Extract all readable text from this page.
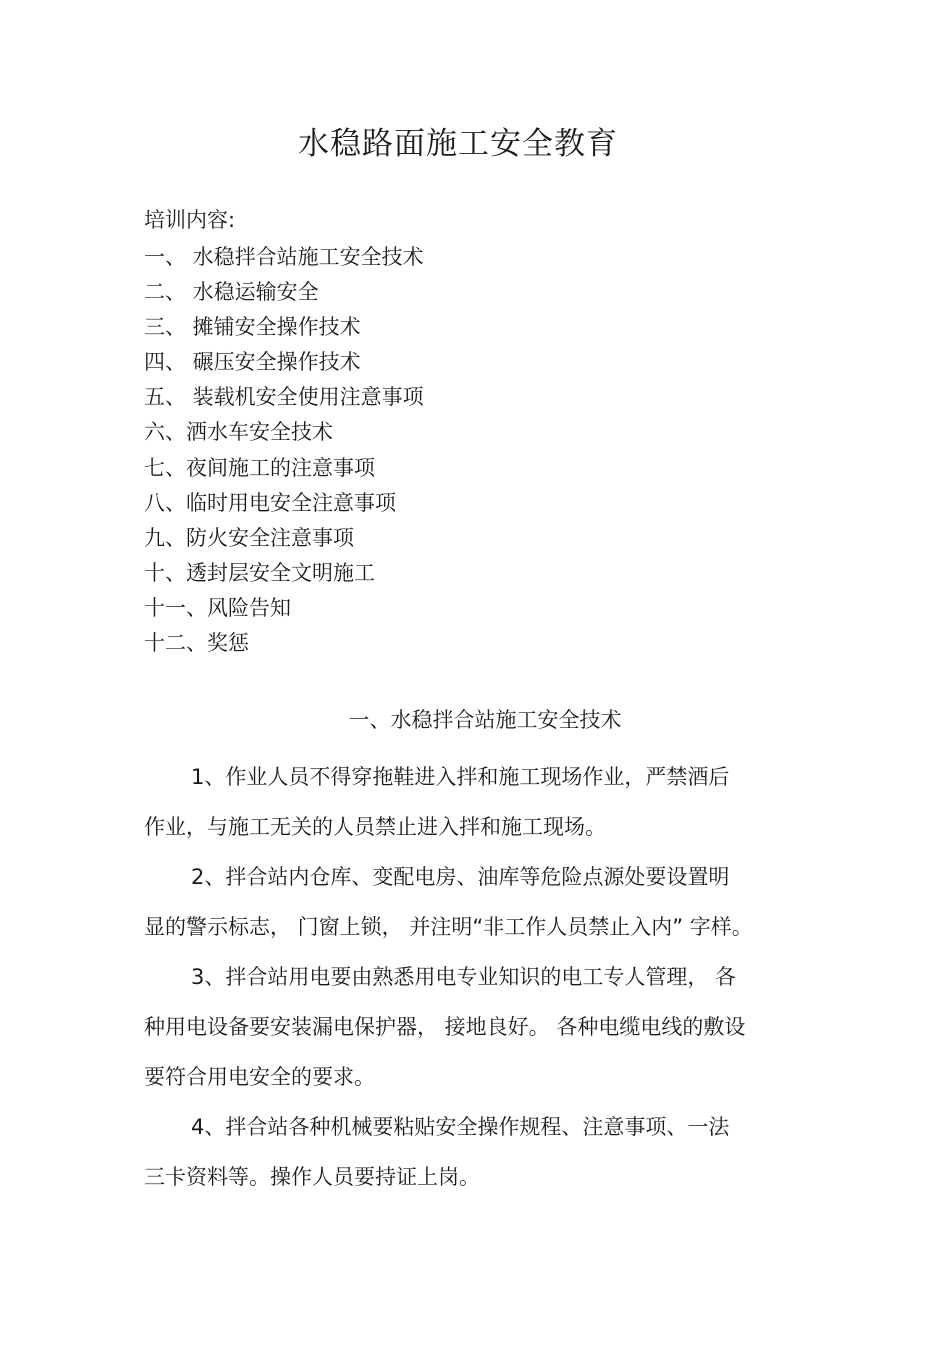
水稳路面施工安全教育

培训内容:

一、 水稳拌合站施工安全技术
二、 水稳运输安全
三、 摊铺安全操作技术
四、 碾压安全操作技术
五、 装载机安全使用注意事项
六、洒水车安全技术
七、夜间施工的注意事项
八、临时用电安全注意事项
九、防火安全注意事项
十、透封层安全文明施工
十一、风险告知
十二、奖惩
一、水稳拌合站施工安全技术

1、作业人员不得穿拖鞋进入拌和施工现场作业，严禁酒后

作业，与施工无关的人员禁止进入拌和施工现场。

2、拌合站内仓库、变配电房、油库等危险点源处要设置明

显的警示标志， 门窗上锁， 并注明“非工作人员禁止入内” 字样。

3、拌合站用电要由熟悉用电专业知识的电工专人管理， 各

种用电设备要安装漏电保护器， 接地良好。 各种电缆电线的敷设

要符合用电安全的要求。

4、拌合站各种机械要粘贴安全操作规程、注意事项、一法

三卡资料等。操作人员要持证上岗。
